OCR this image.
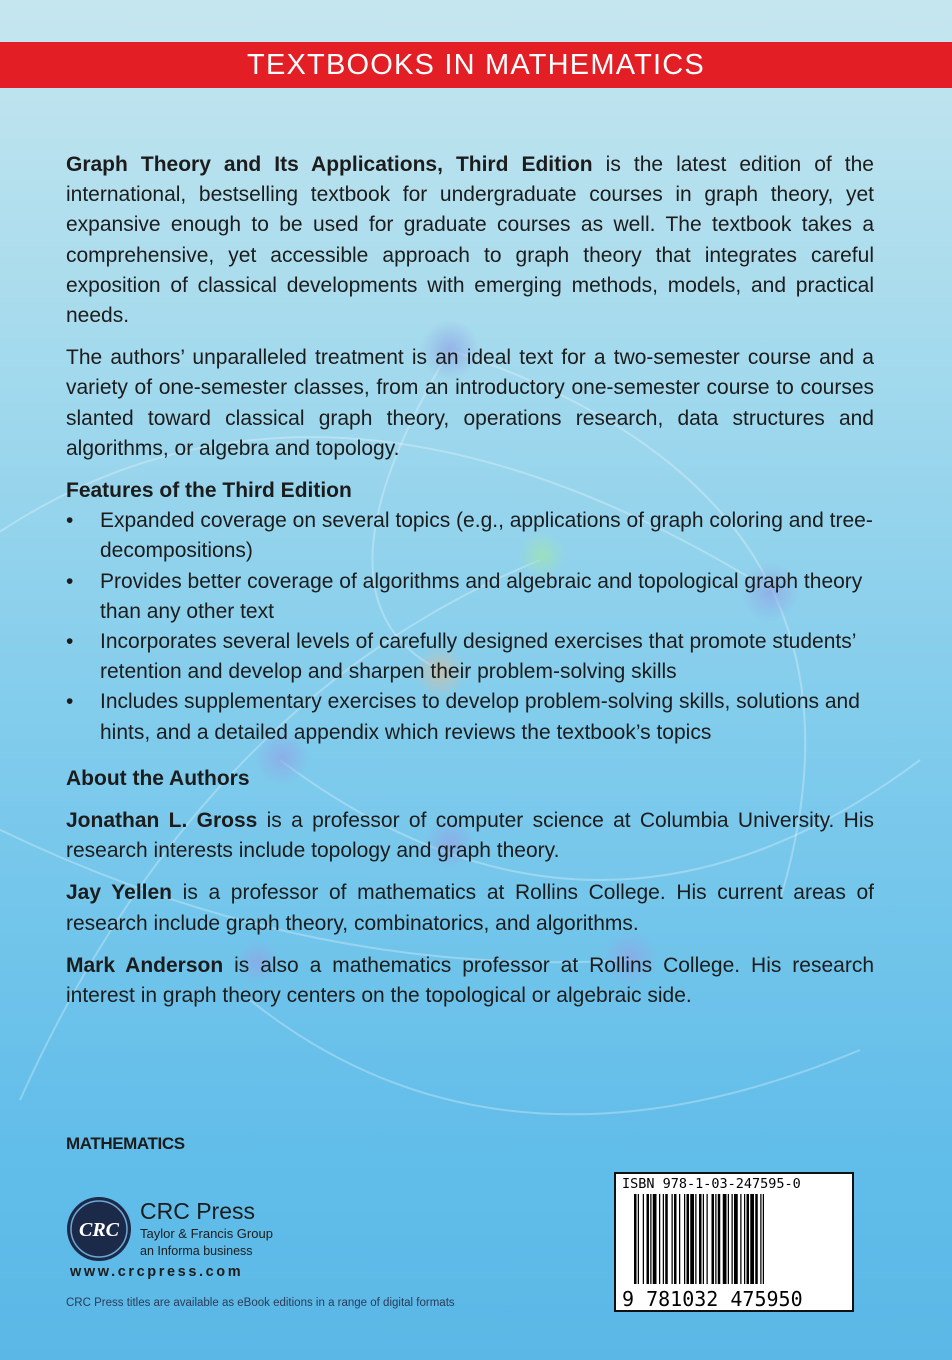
TEXTBOOKS IN MATHEMATICS

Graph Theory and Its Applications, Third Edition is the latest edition of the international, bestselling textbook for undergraduate courses in graph theory, yet expansive enough to be used for graduate courses as well. The textbook takes a comprehensive, yet accessible approach to graph theory that integrates careful exposition of classical developments with emerging methods, models, and practical needs.

The authors’ unparalleled treatment is an ideal text for a two-semester course and a variety of one-semester classes, from an introductory one-semester course to courses slanted toward classical graph theory, operations research, data structures and algorithms, or algebra and topology.

Features of the Third Edition
• Expanded coverage on several topics (e.g., applications of graph coloring and tree-decompositions)
• Provides better coverage of algorithms and algebraic and topological graph theory than any other text
• Incorporates several levels of carefully designed exercises that promote students’ retention and develop and sharpen their problem-solving skills
• Includes supplementary exercises to develop problem-solving skills, solutions and hints, and a detailed appendix which reviews the textbook’s topics
About the Authors

Jonathan L. Gross is a professor of computer science at Columbia University. His research interests include topology and graph theory.

Jay Yellen is a professor of mathematics at Rollins College. His current areas of research include graph theory, combinatorics, and algorithms.

Mark Anderson is also a mathematics professor at Rollins College. His research interest in graph theory centers on the topological or algebraic side.

MATHEMATICS
CRC
CRC Press
Taylor & Francis Group
an Informa business
www.crcpress.com
CRC Press titles are available as eBook editions in a range of digital formats
ISBN 978-1-03-247595-0
9 781032 475950
